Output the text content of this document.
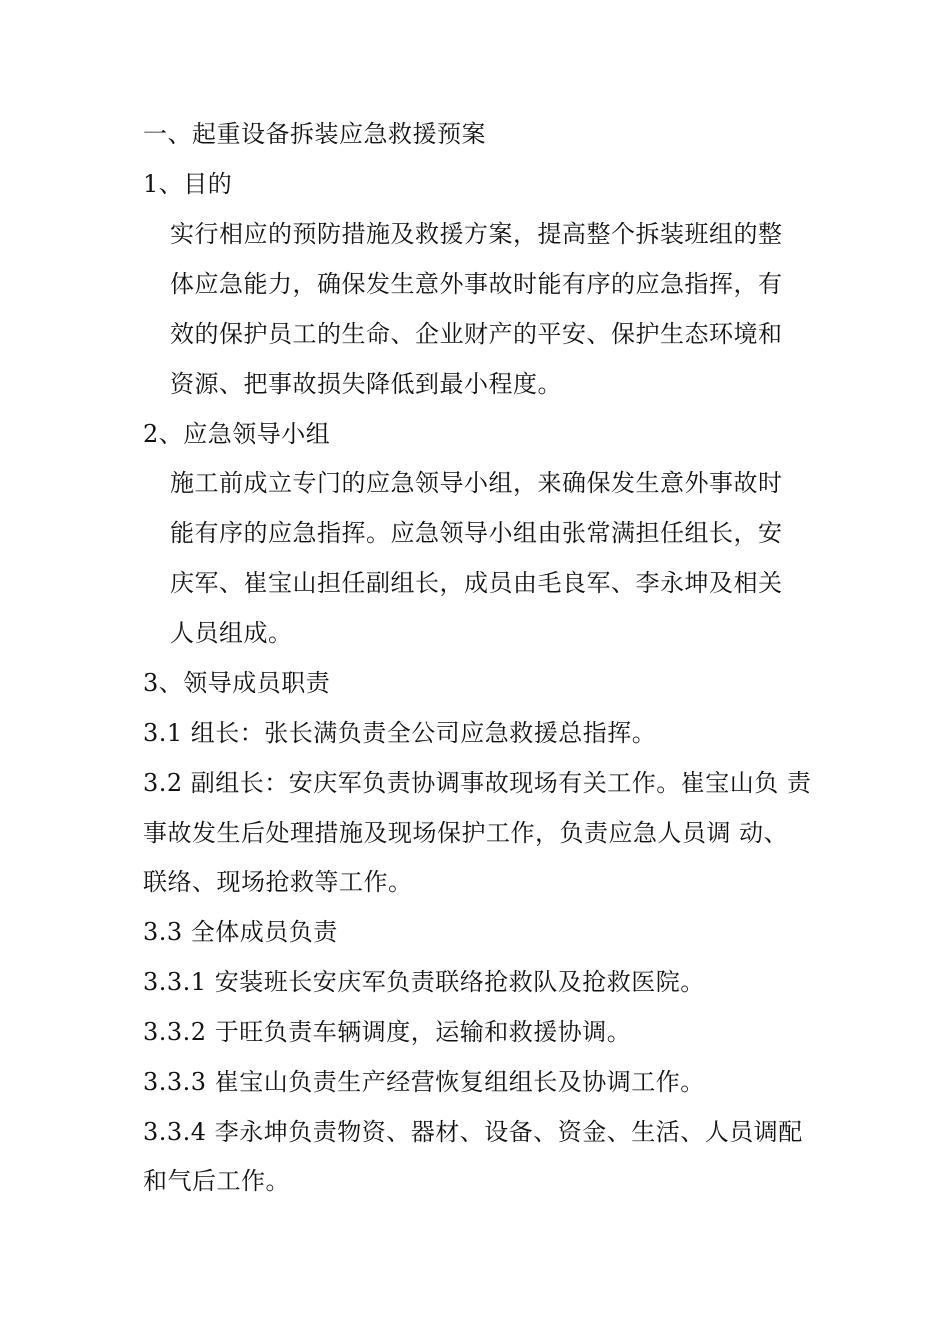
一、起重设备拆装应急救援预案
1、目的
实行相应的预防措施及救援方案，提高整个拆装班组的整
体应急能力，确保发生意外事故时能有序的应急指挥，有
效的保护员工的生命、企业财产的平安、保护生态环境和
资源、把事故损失降低到最小程度。
2、应急领导小组
施工前成立专门的应急领导小组，来确保发生意外事故时
能有序的应急指挥。应急领导小组由张常满担任组长，安
庆军、崔宝山担任副组长，成员由毛良军、李永坤及相关
人员组成。
3、领导成员职责
3.1 组长：张长满负责全公司应急救援总指挥。
3.2 副组长：安庆军负责协调事故现场有关工作。崔宝山负 责
事故发生后处理措施及现场保护工作，负责应急人员调 动、
联络、现场抢救等工作。
3.3 全体成员负责
3.3.1 安装班长安庆军负责联络抢救队及抢救医院。
3.3.2 于旺负责车辆调度，运输和救援协调。
3.3.3 崔宝山负责生产经营恢复组组长及协调工作。
3.3.4 李永坤负责物资、器材、设备、资金、生活、人员调配
和气后工作。
